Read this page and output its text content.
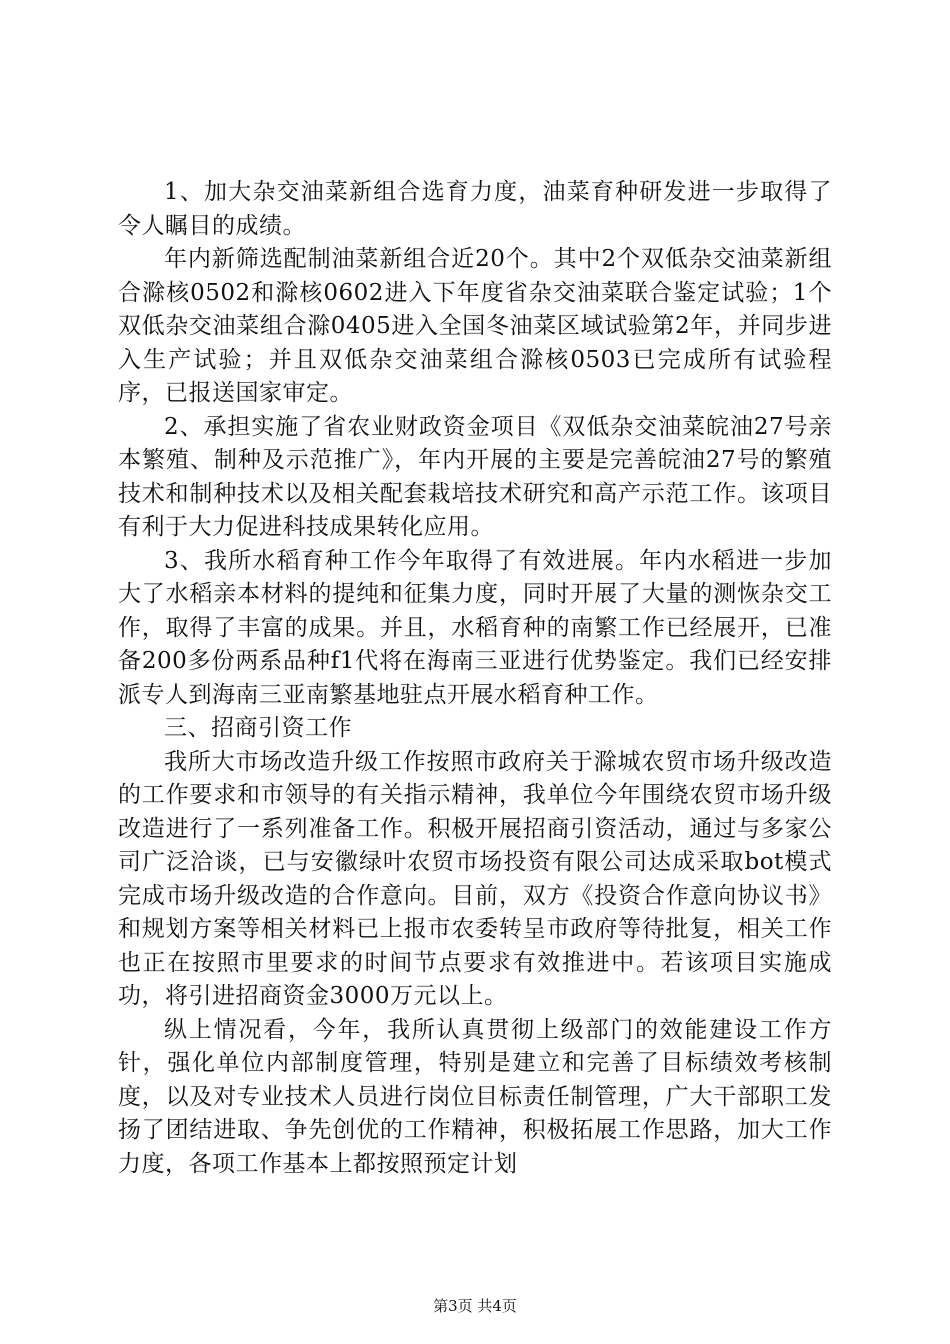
1、加大杂交油菜新组合选育力度，油菜育种研发进一步取得了令人瞩目的成绩。

年内新筛选配制油菜新组合近20个。其中2个双低杂交油菜新组合滁核0502和滁核0602进入下年度省杂交油菜联合鉴定试验；1个双低杂交油菜组合滁0405进入全国冬油菜区域试验第2年，并同步进入生产试验；并且双低杂交油菜组合滁核0503已完成所有试验程序，已报送国家审定。

2、承担实施了省农业财政资金项目《双低杂交油菜皖油27号亲本繁殖、制种及示范推广》，年内开展的主要是完善皖油27号的繁殖技术和制种技术以及相关配套栽培技术研究和高产示范工作。该项目有利于大力促进科技成果转化应用。

3、我所水稻育种工作今年取得了有效进展。年内水稻进一步加大了水稻亲本材料的提纯和征集力度，同时开展了大量的测恢杂交工作，取得了丰富的成果。并且，水稻育种的南繁工作已经展开，已准备200多份两系品种f1代将在海南三亚进行优势鉴定。我们已经安排派专人到海南三亚南繁基地驻点开展水稻育种工作。

三、招商引资工作

我所大市场改造升级工作按照市政府关于滁城农贸市场升级改造的工作要求和市领导的有关指示精神，我单位今年围绕农贸市场升级改造进行了一系列准备工作。积极开展招商引资活动，通过与多家公司广泛洽谈，已与安徽绿叶农贸市场投资有限公司达成采取bot模式完成市场升级改造的合作意向。目前，双方《投资合作意向协议书》和规划方案等相关材料已上报市农委转呈市政府等待批复，相关工作也正在按照市里要求的时间节点要求有效推进中。若该项目实施成功，将引进招商资金3000万元以上。

纵上情况看，今年，我所认真贯彻上级部门的效能建设工作方针，强化单位内部制度管理，特别是建立和完善了目标绩效考核制度，以及对专业技术人员进行岗位目标责任制管理，广大干部职工发扬了团结进取、争先创优的工作精神，积极拓展工作思路，加大工作力度，各项工作基本上都按照预定计划

第3页 共4页
